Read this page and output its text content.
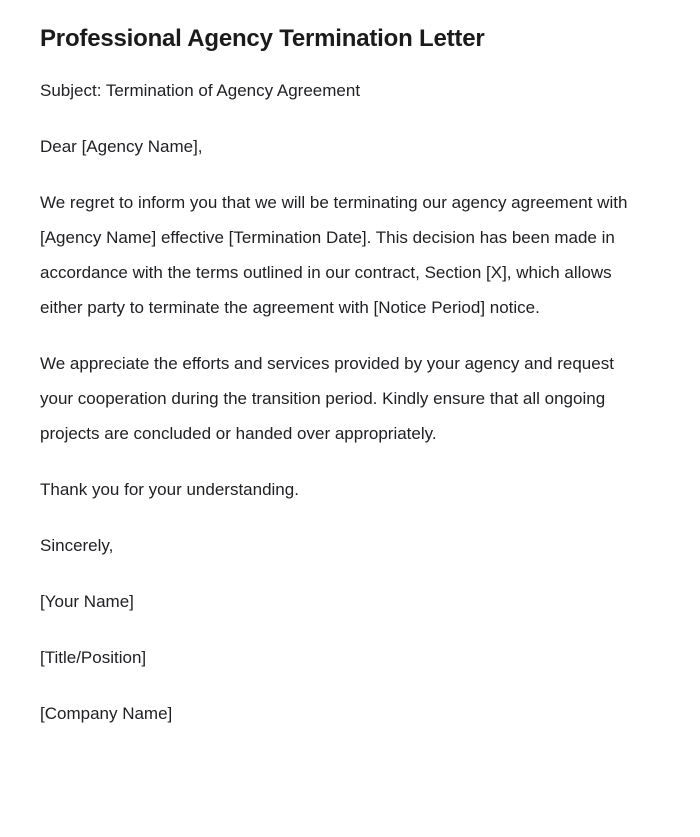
Professional Agency Termination Letter

Subject: Termination of Agency Agreement

Dear [Agency Name],

We regret to inform you that we will be terminating our agency agreement with [Agency Name] effective [Termination Date]. This decision has been made in accordance with the terms outlined in our contract, Section [X], which allows either party to terminate the agreement with [Notice Period] notice.

We appreciate the efforts and services provided by your agency and request your cooperation during the transition period. Kindly ensure that all ongoing projects are concluded or handed over appropriately.

Thank you for your understanding.

Sincerely,

[Your Name]

[Title/Position]

[Company Name]
